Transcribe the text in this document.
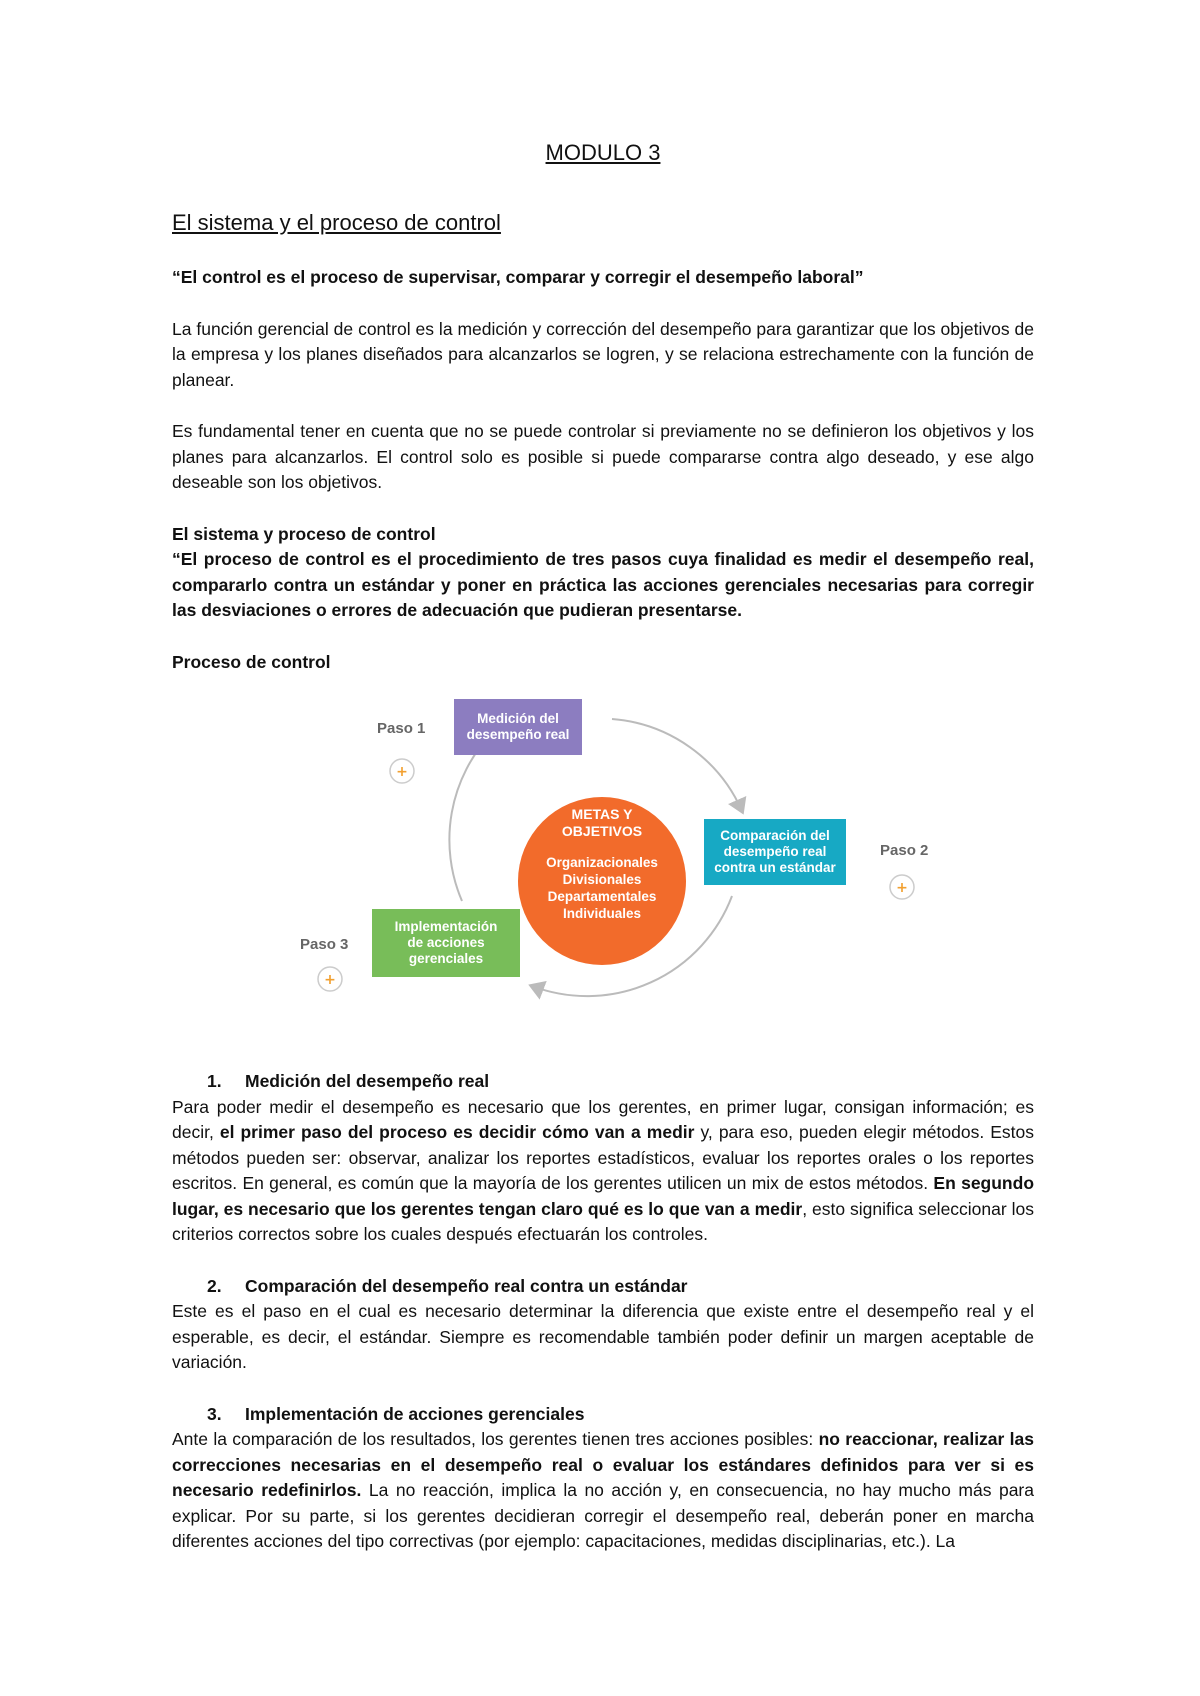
MODULO 3

El sistema y el proceso de control

“El control es el proceso de supervisar, comparar y corregir el desempeño laboral”

La función gerencial de control es la medición y corrección del desempeño para garantizar que los objetivos de la empresa y los planes diseñados para alcanzarlos se logren, y se relaciona estrechamente con la función de planear.

Es fundamental tener en cuenta que no se puede controlar si previamente no se definieron los objetivos y los planes para alcanzarlos. El control solo es posible si puede compararse contra algo deseado, y ese algo deseable son los objetivos.

El sistema y proceso de control

“El proceso de control es el procedimiento de tres pasos cuya finalidad es medir el desempeño real, compararlo contra un estándar y poner en práctica las acciones gerenciales necesarias para corregir las desviaciones o errores de adecuación que pudieran presentarse.

Proceso de control

METAS Y
OBJETIVOS
Organizacionales
Divisionales
Departamentales
Individuales
Medición del
desempeño real
Paso 1
+
Comparación del
desempeño real
contra un estándar
Paso 2
+
Implementación
de acciones
gerenciales
Paso 3
+

1. Medición del desempeño real

Para poder medir el desempeño es necesario que los gerentes, en primer lugar, consigan información; es decir, el primer paso del proceso es decidir cómo van a medir y, para eso, pueden elegir métodos. Estos métodos pueden ser: observar, analizar los reportes estadísticos, evaluar los reportes orales o los reportes escritos. En general, es común que la mayoría de los gerentes utilicen un mix de estos métodos. En segundo lugar, es necesario que los gerentes tengan claro qué es lo que van a medir, esto significa seleccionar los criterios correctos sobre los cuales después efectuarán los controles.

2. Comparación del desempeño real contra un estándar

Este es el paso en el cual es necesario determinar la diferencia que existe entre el desempeño real y el esperable, es decir, el estándar. Siempre es recomendable también poder definir un margen aceptable de variación.

3. Implementación de acciones gerenciales

Ante la comparación de los resultados, los gerentes tienen tres acciones posibles: no reaccionar, realizar las correcciones necesarias en el desempeño real o evaluar los estándares definidos para ver si es necesario redefinirlos. La no reacción, implica la no acción y, en consecuencia, no hay mucho más para explicar. Por su parte, si los gerentes decidieran corregir el desempeño real, deberán poner en marcha diferentes acciones del tipo correctivas (por ejemplo: capacitaciones, medidas disciplinarias, etc.). La
